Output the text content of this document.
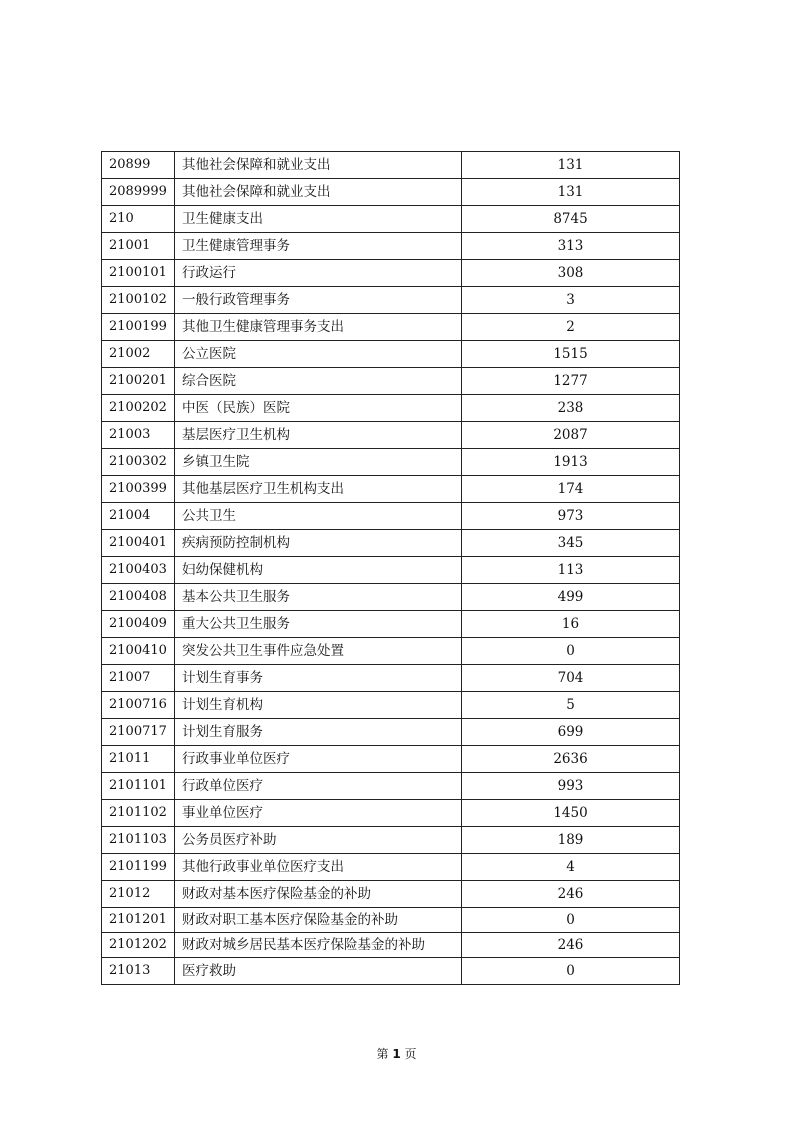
20899	其他社会保障和就业支出	131
2089999	其他社会保障和就业支出	131
210	卫生健康支出	8745
21001	卫生健康管理事务	313
2100101	行政运行	308
2100102	一般行政管理事务	3
2100199	其他卫生健康管理事务支出	2
21002	公立医院	1515
2100201	综合医院	1277
2100202	中医（民族）医院	238
21003	基层医疗卫生机构	2087
2100302	乡镇卫生院	1913
2100399	其他基层医疗卫生机构支出	174
21004	公共卫生	973
2100401	疾病预防控制机构	345
2100403	妇幼保健机构	113
2100408	基本公共卫生服务	499
2100409	重大公共卫生服务	16
2100410	突发公共卫生事件应急处置	0
21007	计划生育事务	704
2100716	计划生育机构	5
2100717	计划生育服务	699
21011	行政事业单位医疗	2636
2101101	行政单位医疗	993
2101102	事业单位医疗	1450
2101103	公务员医疗补助	189
2101199	其他行政事业单位医疗支出	4
21012	财政对基本医疗保险基金的补助	246
2101201	财政对职工基本医疗保险基金的补助	0
2101202	财政对城乡居民基本医疗保险基金的补助	246
21013	医疗救助	0
第 1 页
